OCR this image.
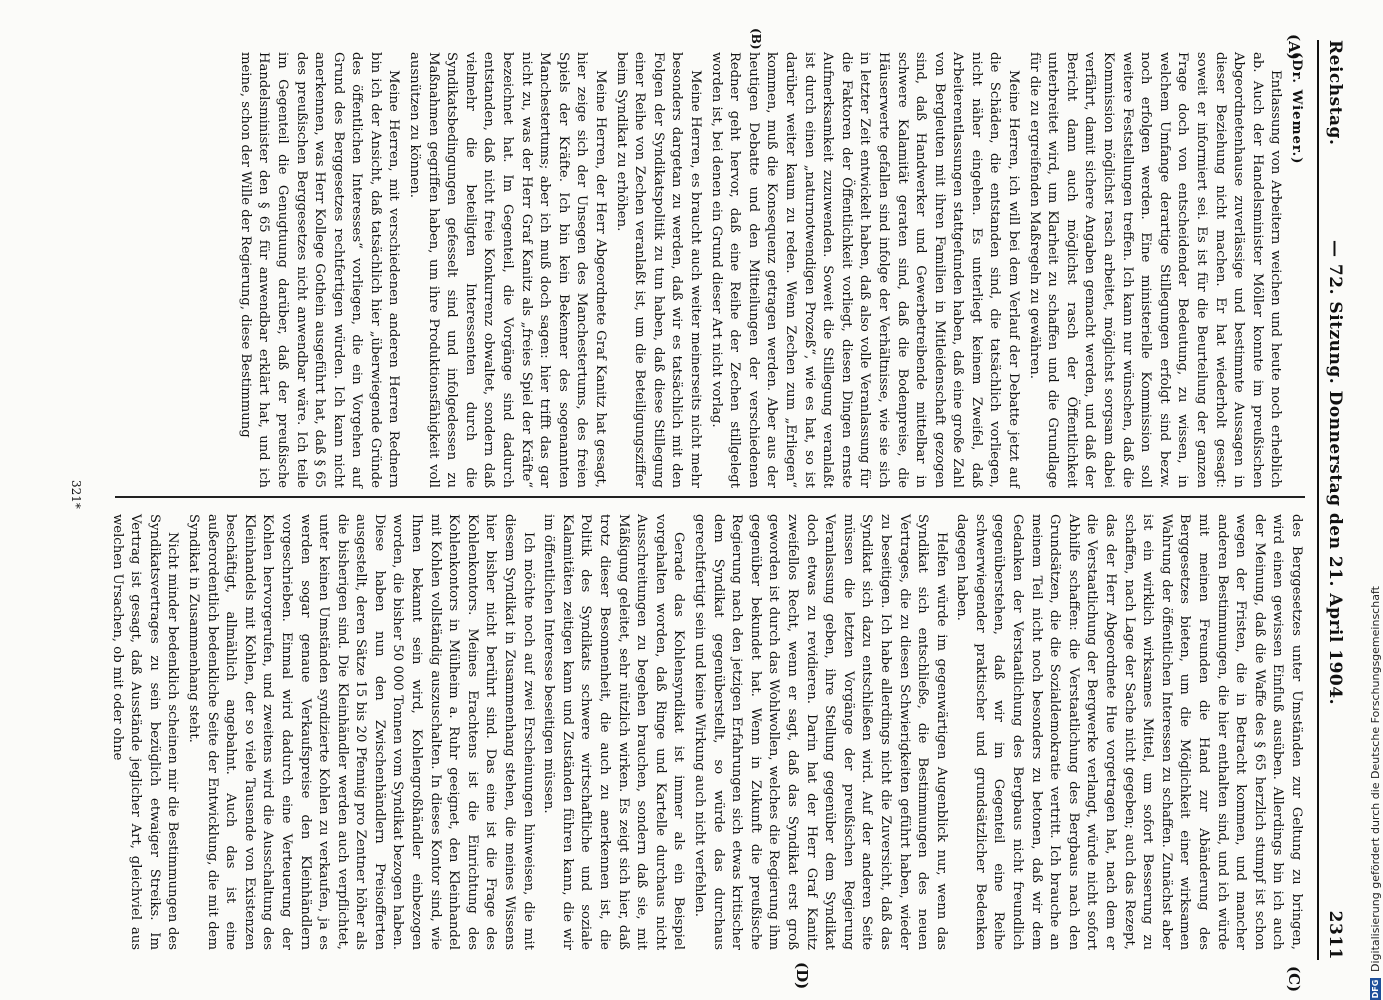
Reichstag.
— 72. Sitzung. Donnerstag den 21. April 1904.
2311
(A)
(B)
(C)
(D)

(Dr. Wiemer.)

Entlassung von Arbeitern weichen und heute noch erheblich ab. Auch der Handelsminister Möller konnte im preußischen Abgeordnetenhause zuverlässige und bestimmte Aussagen in dieser Beziehung nicht machen. Er hat wiederholt gesagt: soweit er informiert sei. Es ist für die Beurteilung der ganzen Frage doch von entscheidender Bedeutung, zu wissen, in welchem Umfange derartige Stillegungen erfolgt sind bezw. noch erfolgen werden. Eine ministerielle Kommission soll weitere Feststellungen treffen. Ich kann nur wünschen, daß die Kommission möglichst rasch arbeitet, möglichst sorgsam dabei verfährt, damit sichere Angaben gemacht werden, und daß der Bericht dann auch möglichst rasch der Öffentlichkeit unterbreitet wird, um Klarheit zu schaffen und die Grundlage für die zu ergreifenden Maßregeln zu gewähren.

Meine Herren, ich will bei dem Verlauf der Debatte jetzt auf die Schäden, die entstanden sind, die tatsächlich vorliegen, nicht näher eingehen. Es unterliegt keinem Zweifel, daß Arbeiterentlassungen stattgefunden haben, daß eine große Zahl von Bergleuten mit ihren Familien in Mitleidenschaft gezogen sind, daß Handwerker und Gewerbetreibende mittelbar in schwere Kalamität geraten sind, daß die Bodenpreise, die Häuserwerte gefallen sind infolge der Verhältnisse, wie sie sich in letzter Zeit entwickelt haben, daß also volle Veranlassung für die Faktoren der Öffentlichkeit vorliegt, diesen Dingen ernste Aufmerksamkeit zuzuwenden. Soweit die Stillegung veranlaßt ist durch einen „naturnotwendigen Prozeß“, wie es hat, so ist darüber weiter kaum zu reden. Wenn Zechen zum „Erliegen“ kommen, muß die Konsequenz getragen werden. Aber aus der heutigen Debatte und den Mitteilungen der verschiedenen Redner geht hervor, daß eine Reihe der Zechen stillgelegt worden ist, bei denen ein Grund dieser Art nicht vorlag.

Meine Herren, es braucht auch weiter meinerseits nicht mehr besonders dargetan zu werden, daß wir es tatsächlich mit den Folgen der Syndikatspolitik zu tun haben, daß diese Stillegung einer Reihe von Zechen veranlaßt ist, um die Beteiligungsziffer beim Syndikat zu erhöhen.

Meine Herren, der Herr Abgeordnete Graf Kanitz hat gesagt, hier zeige sich der Unsegen des Manchestertums, des freien Spiels der Kräfte. Ich bin kein Bekenner des sogenannten Manchestertums; aber ich muß doch sagen: hier trifft das gar nicht zu, was der Herr Graf Kanitz als „freies Spiel der Kräfte“ bezeichnet hat. Im Gegenteil, die Vorgänge sind dadurch entstanden, daß nicht freie Konkurrenz obwaltet, sondern daß vielmehr die beteiligten Interessenten durch die Syndikatsbedingungen gefesselt sind und infolgedessen zu Maßnahmen gegriffen haben, um ihre Produktionsfähigkeit voll ausnützen zu können.

Meine Herren, mit verschiedenen anderen Herren Rednern bin ich der Ansicht, daß tatsächlich hier „überwiegende Gründe des öffentlichen Interesses“ vorliegen, die ein Vorgehen auf Grund des Berggesetzes rechtfertigen würden. Ich kann nicht anerkennen, was Herr Kollege Gothein ausgeführt hat, daß § 65 des preußischen Berggesetzes nicht anwendbar wäre. Ich teile im Gegenteil die Genugtuung darüber, daß der preußische Handelsminister den § 65 für anwendbar erklärt hat, und ich meine, schon der Wille der Regierung, diese Bestimmung

des Berggesetzes unter Umständen zur Geltung zu bringen, wird einen gewissen Einfluß ausüben. Allerdings bin ich auch der Meinung, daß die Waffe des § 65 herzlich stumpf ist schon wegen der Fristen, die in Betracht kommen, und mancher anderen Bestimmungen, die hier enthalten sind, und ich würde mit meinen Freunden die Hand zur Abänderung des Berggesetzes bieten, um die Möglichkeit einer wirksamen Wahrung der öffentlichen Interessen zu schaffen. Zunächst aber ist ein wirklich wirksames Mittel, um sofort Besserung zu schaffen, nach Lage der Sache nicht gegeben; auch das Rezept, das der Herr Abgeordnete Hue vorgetragen hat, nach dem er die Verstaatlichung der Bergwerke verlangt, würde nicht sofort Abhilfe schaffen: die Verstaatlichung des Bergbaus nach den Grundsätzen, die die Sozialdemokratie vertritt. Ich brauche an meinem Teil nicht noch besonders zu betonen, daß wir dem Gedanken der Verstaatlichung des Bergbaus nicht freundlich gegenüberstehen, daß wir im Gegenteil eine Reihe schwerwiegender praktischer und grundsätzlicher Bedenken dagegen haben.

Helfen würde im gegenwärtigen Augenblick nur, wenn das Syndikat sich entschließe, die Bestimmungen des neuen Vertrages, die zu diesen Schwierigkeiten geführt haben, wieder zu beseitigen. Ich habe allerdings nicht die Zuversicht, daß das Syndikat sich dazu entschließen wird. Auf der anderen Seite müssen die letzten Vorgänge der preußischen Regierung Veranlassung geben, ihre Stellung gegenüber dem Syndikat doch etwas zu revidieren. Darin hat der Herr Graf Kanitz zweifellos Recht, wenn er sagt, daß das Syndikat erst groß geworden ist durch das Wohlwollen, welches die Regierung ihm gegenüber bekundet hat. Wenn in Zukunft die preußische Regierung nach den jetzigen Erfahrungen sich etwas kritischer dem Syndikat gegenüberstellt, so würde das durchaus gerechtfertigt sein und keine Wirkung auch nicht verfehlen.

Gerade das Kohlensyndikat ist immer als ein Beispiel vorgehalten worden, daß Ringe und Kartelle durchaus nicht Ausschreitungen zu begehen brauchen, sondern daß sie, mit Mäßigung geleitet, sehr nützlich wirken. Es zeigt sich hier, daß trotz dieser Besonnenheit, die auch zu anerkennen ist, die Politik des Syndikats schwere wirtschaftliche und soziale Kalamitäten zeitigen kann und Zuständen führen kann, die wir im öffentlichen Interesse beseitigen müssen.

Ich möchte noch auf zwei Erscheinungen hinweisen, die mit diesem Syndikat in Zusammenhang stehen, die meines Wissens hier bisher nicht berührt sind. Das eine ist die Frage des Kohlenkontors. Meines Erachtens ist die Einrichtung des Kohlenkontors in Mülheim a. Ruhr geeignet, den Kleinhandel mit Kohlen vollständig auszuschalten. In dieses Kontor sind, wie Ihnen bekannt sein wird, Kohlengroßhändler einbezogen worden, die bisher 50 000 Tonnen vom Syndikat bezogen haben. Diese haben nun den Zwischenhändlern Preisofferten ausgestellt, deren Sätze 15 bis 20 Pfennig pro Zentner höher als die bisherigen sind. Die Kleinhändler werden auch verpflichtet, unter keinen Umständen syndizierte Kohlen zu verkaufen, ja es werden sogar genaue Verkaufspreise den Kleinhändlern vorgeschrieben. Einmal wird dadurch eine Verteuerung der Kohlen hervorgerufen, und zweitens wird die Ausschaltung des Kleinhandels mit Kohlen, der so viele Tausende von Existenzen beschäftigt, allmählich angebahnt. Auch das ist eine außerordentlich bedenkliche Seite der Entwicklung, die mit dem Syndikat in Zusammenhang steht.

Nicht minder bedenklich scheinen mir die Bestimmungen des Syndikatsvertrages zu sein bezüglich etwaiger Streiks. Im Vertrag ist gesagt, daß Ausstände jeglicher Art, gleichviel aus welchen Ursachen, ob mit oder ohne

321*
DFG
Digitalisierung gefördert durch die Deutsche Forschungsgemeinschaft
